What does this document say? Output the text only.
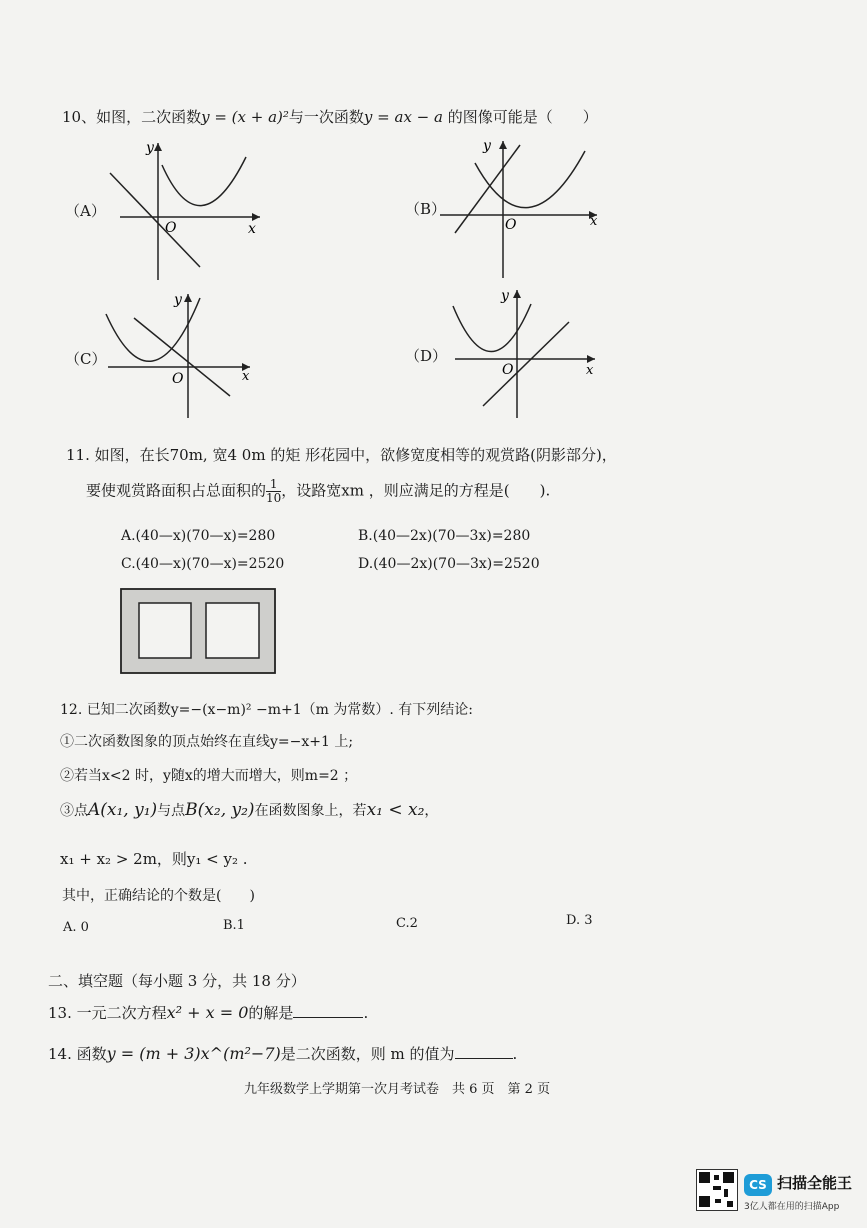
10、如图，二次函数y = (x + a)²与一次函数y = ax − a 的图像可能是（　　）
（A）
y
x
O
（B）
y
x
O
（C）
y
x
O
（D）
y
x
O
11. 如图，在长70m, 宽4 0m 的矩 形花园中，欲修宽度相等的观赏路(阴影部分)，
要使观赏路面积占总面积的 $\frac{1}{10}$ ，设路宽xm ，则应满足的方程是(　　).
A.(40—x)(70—x)=280	B.(40—2x)(70—3x)=280
C.(40—x)(70—x)=2520	D.(40—2x)(70—3x)=2520
12. 已知二次函数y=−(x−m)² −m+1（m 为常数）. 有下列结论:
①二次函数图象的顶点始终在直线y=−x+1 上;
②若当x<2 时，y随x的增大而增大，则m=2 ；
③点A(x₁, y₁)与点B(x₂, y₂)在函数图象上，若x₁ < x₂，
x₁ + x₂ > 2m，则y₁ < y₂ .
其中，正确结论的个数是(　　)
A. 0	B.1	C.2	D. 3
二、填空题（每小题 3 分，共 18 分）
13. 一元二次方程x² + x = 0的解是	.
14. 函数y = (m + 3)x^(m²−7)是二次函数，则 m 的值为	.
九年级数学上学期第一次月考试卷　共 6 页　第 2 页
CS 扫描全能王
3亿人都在用的扫描App
